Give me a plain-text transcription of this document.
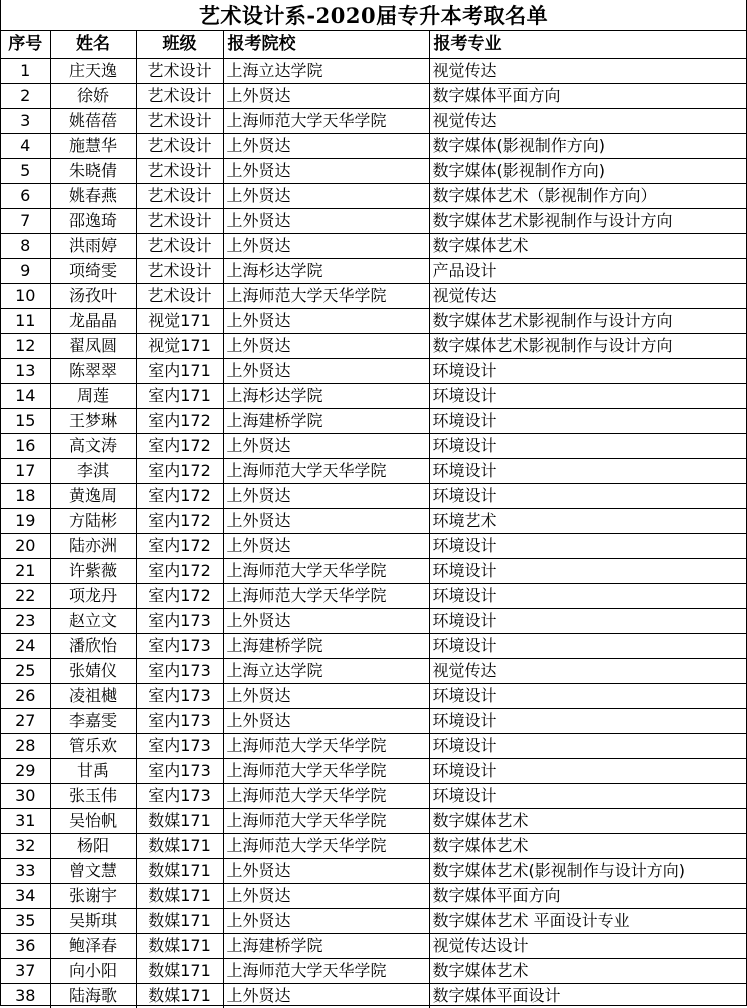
艺术设计系-2020届专升本考取名单
序号	姓名	班级	报考院校	报考专业
1	庄天逸	艺术设计	上海立达学院	视觉传达
2	徐娇	艺术设计	上外贤达	数字媒体平面方向
3	姚蓓蓓	艺术设计	上海师范大学天华学院	视觉传达
4	施慧华	艺术设计	上外贤达	数字媒体(影视制作方向)
5	朱晓倩	艺术设计	上外贤达	数字媒体(影视制作方向)
6	姚春燕	艺术设计	上外贤达	数字媒体艺术（影视制作方向）
7	邵逸琦	艺术设计	上外贤达	数字媒体艺术影视制作与设计方向
8	洪雨婷	艺术设计	上外贤达	数字媒体艺术
9	项绮雯	艺术设计	上海杉达学院	产品设计
10	汤孜叶	艺术设计	上海师范大学天华学院	视觉传达
11	龙晶晶	视觉171	上外贤达	数字媒体艺术影视制作与设计方向
12	翟凤圆	视觉171	上外贤达	数字媒体艺术影视制作与设计方向
13	陈翠翠	室内171	上外贤达	环境设计
14	周莲	室内171	上海杉达学院	环境设计
15	王梦琳	室内172	上海建桥学院	环境设计
16	高文涛	室内172	上外贤达	环境设计
17	李淇	室内172	上海师范大学天华学院	环境设计
18	黄逸周	室内172	上外贤达	环境设计
19	方陆彬	室内172	上外贤达	环境艺术
20	陆亦洲	室内172	上外贤达	环境设计
21	许紫薇	室内172	上海师范大学天华学院	环境设计
22	项龙丹	室内172	上海师范大学天华学院	环境设计
23	赵立文	室内173	上外贤达	环境设计
24	潘欣怡	室内173	上海建桥学院	环境设计
25	张婧仪	室内173	上海立达学院	视觉传达
26	凌祖樾	室内173	上外贤达	环境设计
27	李嘉雯	室内173	上外贤达	环境设计
28	管乐欢	室内173	上海师范大学天华学院	环境设计
29	甘禹	室内173	上海师范大学天华学院	环境设计
30	张玉伟	室内173	上海师范大学天华学院	环境设计
31	吴怡帆	数媒171	上海师范大学天华学院	数字媒体艺术
32	杨阳	数媒171	上海师范大学天华学院	数字媒体艺术
33	曾文慧	数媒171	上外贤达	数字媒体艺术(影视制作与设计方向)
34	张谢宇	数媒171	上外贤达	数字媒体平面方向
35	吴斯琪	数媒171	上外贤达	数字媒体艺术 平面设计专业
36	鲍泽春	数媒171	上海建桥学院	视觉传达设计
37	向小阳	数媒171	上海师范大学天华学院	数字媒体艺术
38	陆海歌	数媒171	上外贤达	数字媒体平面设计
